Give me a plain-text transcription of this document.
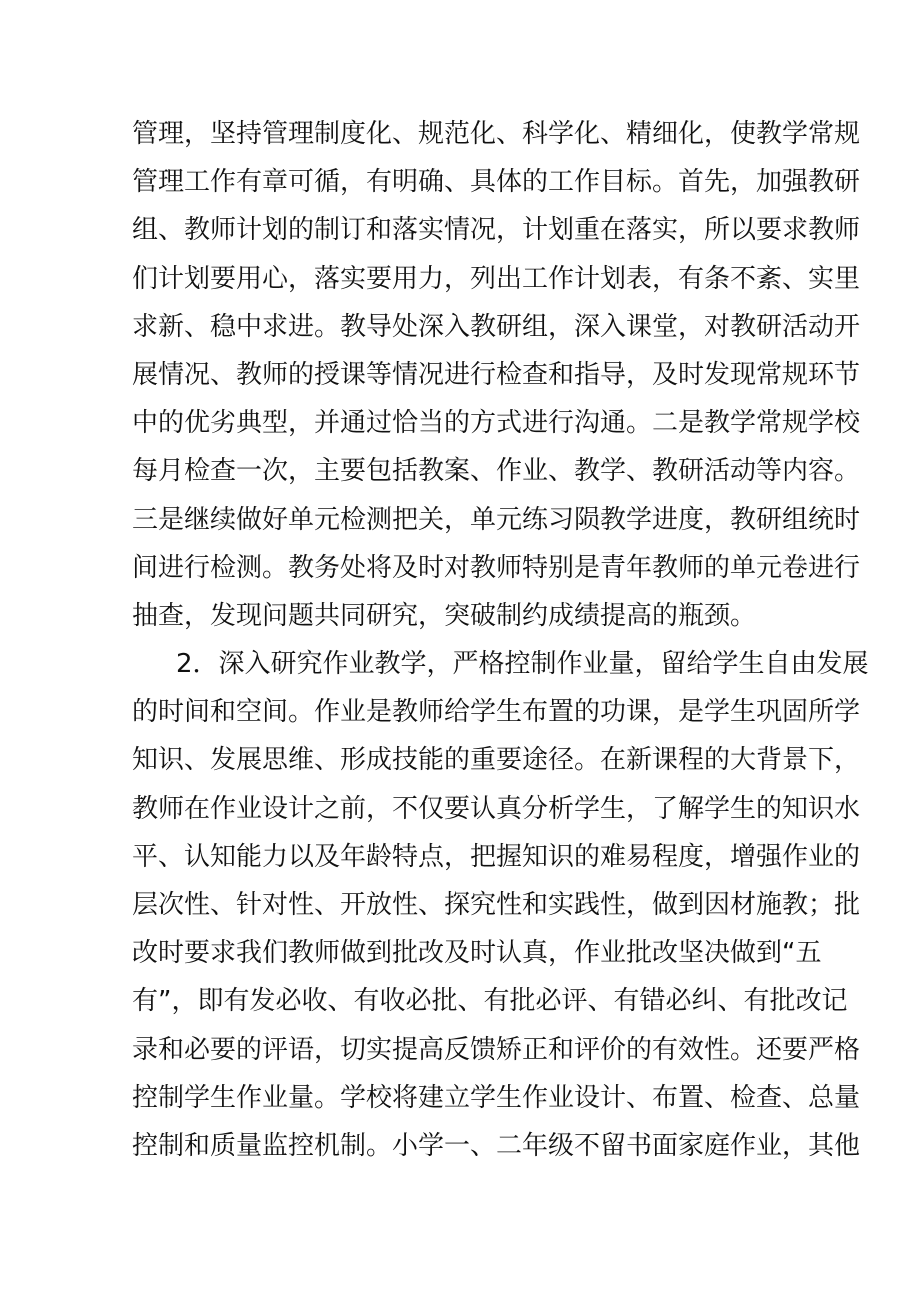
管理，坚持管理制度化、规范化、科学化、精细化，使教学常规
管理工作有章可循，有明确、具体的工作目标。首先，加强教研
组、教师计划的制订和落实情况，计划重在落实，所以要求教师
们计划要用心，落实要用力，列出工作计划表，有条不紊、实里
求新、稳中求进。教导处深入教研组，深入课堂，对教研活动开
展情况、教师的授课等情况进行检查和指导，及时发现常规环节
中的优劣典型，并通过恰当的方式进行沟通。二是教学常规学校
每月检查一次，主要包括教案、作业、教学、教研活动等内容。
三是继续做好单元检测把关，单元练习陨教学进度，教研组统时
间进行检测。教务处将及时对教师特别是青年教师的单元卷进行
抽查，发现问题共同研究，突破制约成绩提高的瓶颈。
2．深入研究作业教学，严格控制作业量，留给学生自由发展
的时间和空间。作业是教师给学生布置的功课，是学生巩固所学
知识、发展思维、形成技能的重要途径。在新课程的大背景下，
教师在作业设计之前，不仅要认真分析学生，了解学生的知识水
平、认知能力以及年龄特点，把握知识的难易程度，增强作业的
层次性、针对性、开放性、探究性和实践性，做到因材施教；批
改时要求我们教师做到批改及时认真，作业批改坚决做到“五
有”，即有发必收、有收必批、有批必评、有错必纠、有批改记
录和必要的评语，切实提高反馈矫正和评价的有效性。还要严格
控制学生作业量。学校将建立学生作业设计、布置、检查、总量
控制和质量监控机制。小学一、二年级不留书面家庭作业，其他
